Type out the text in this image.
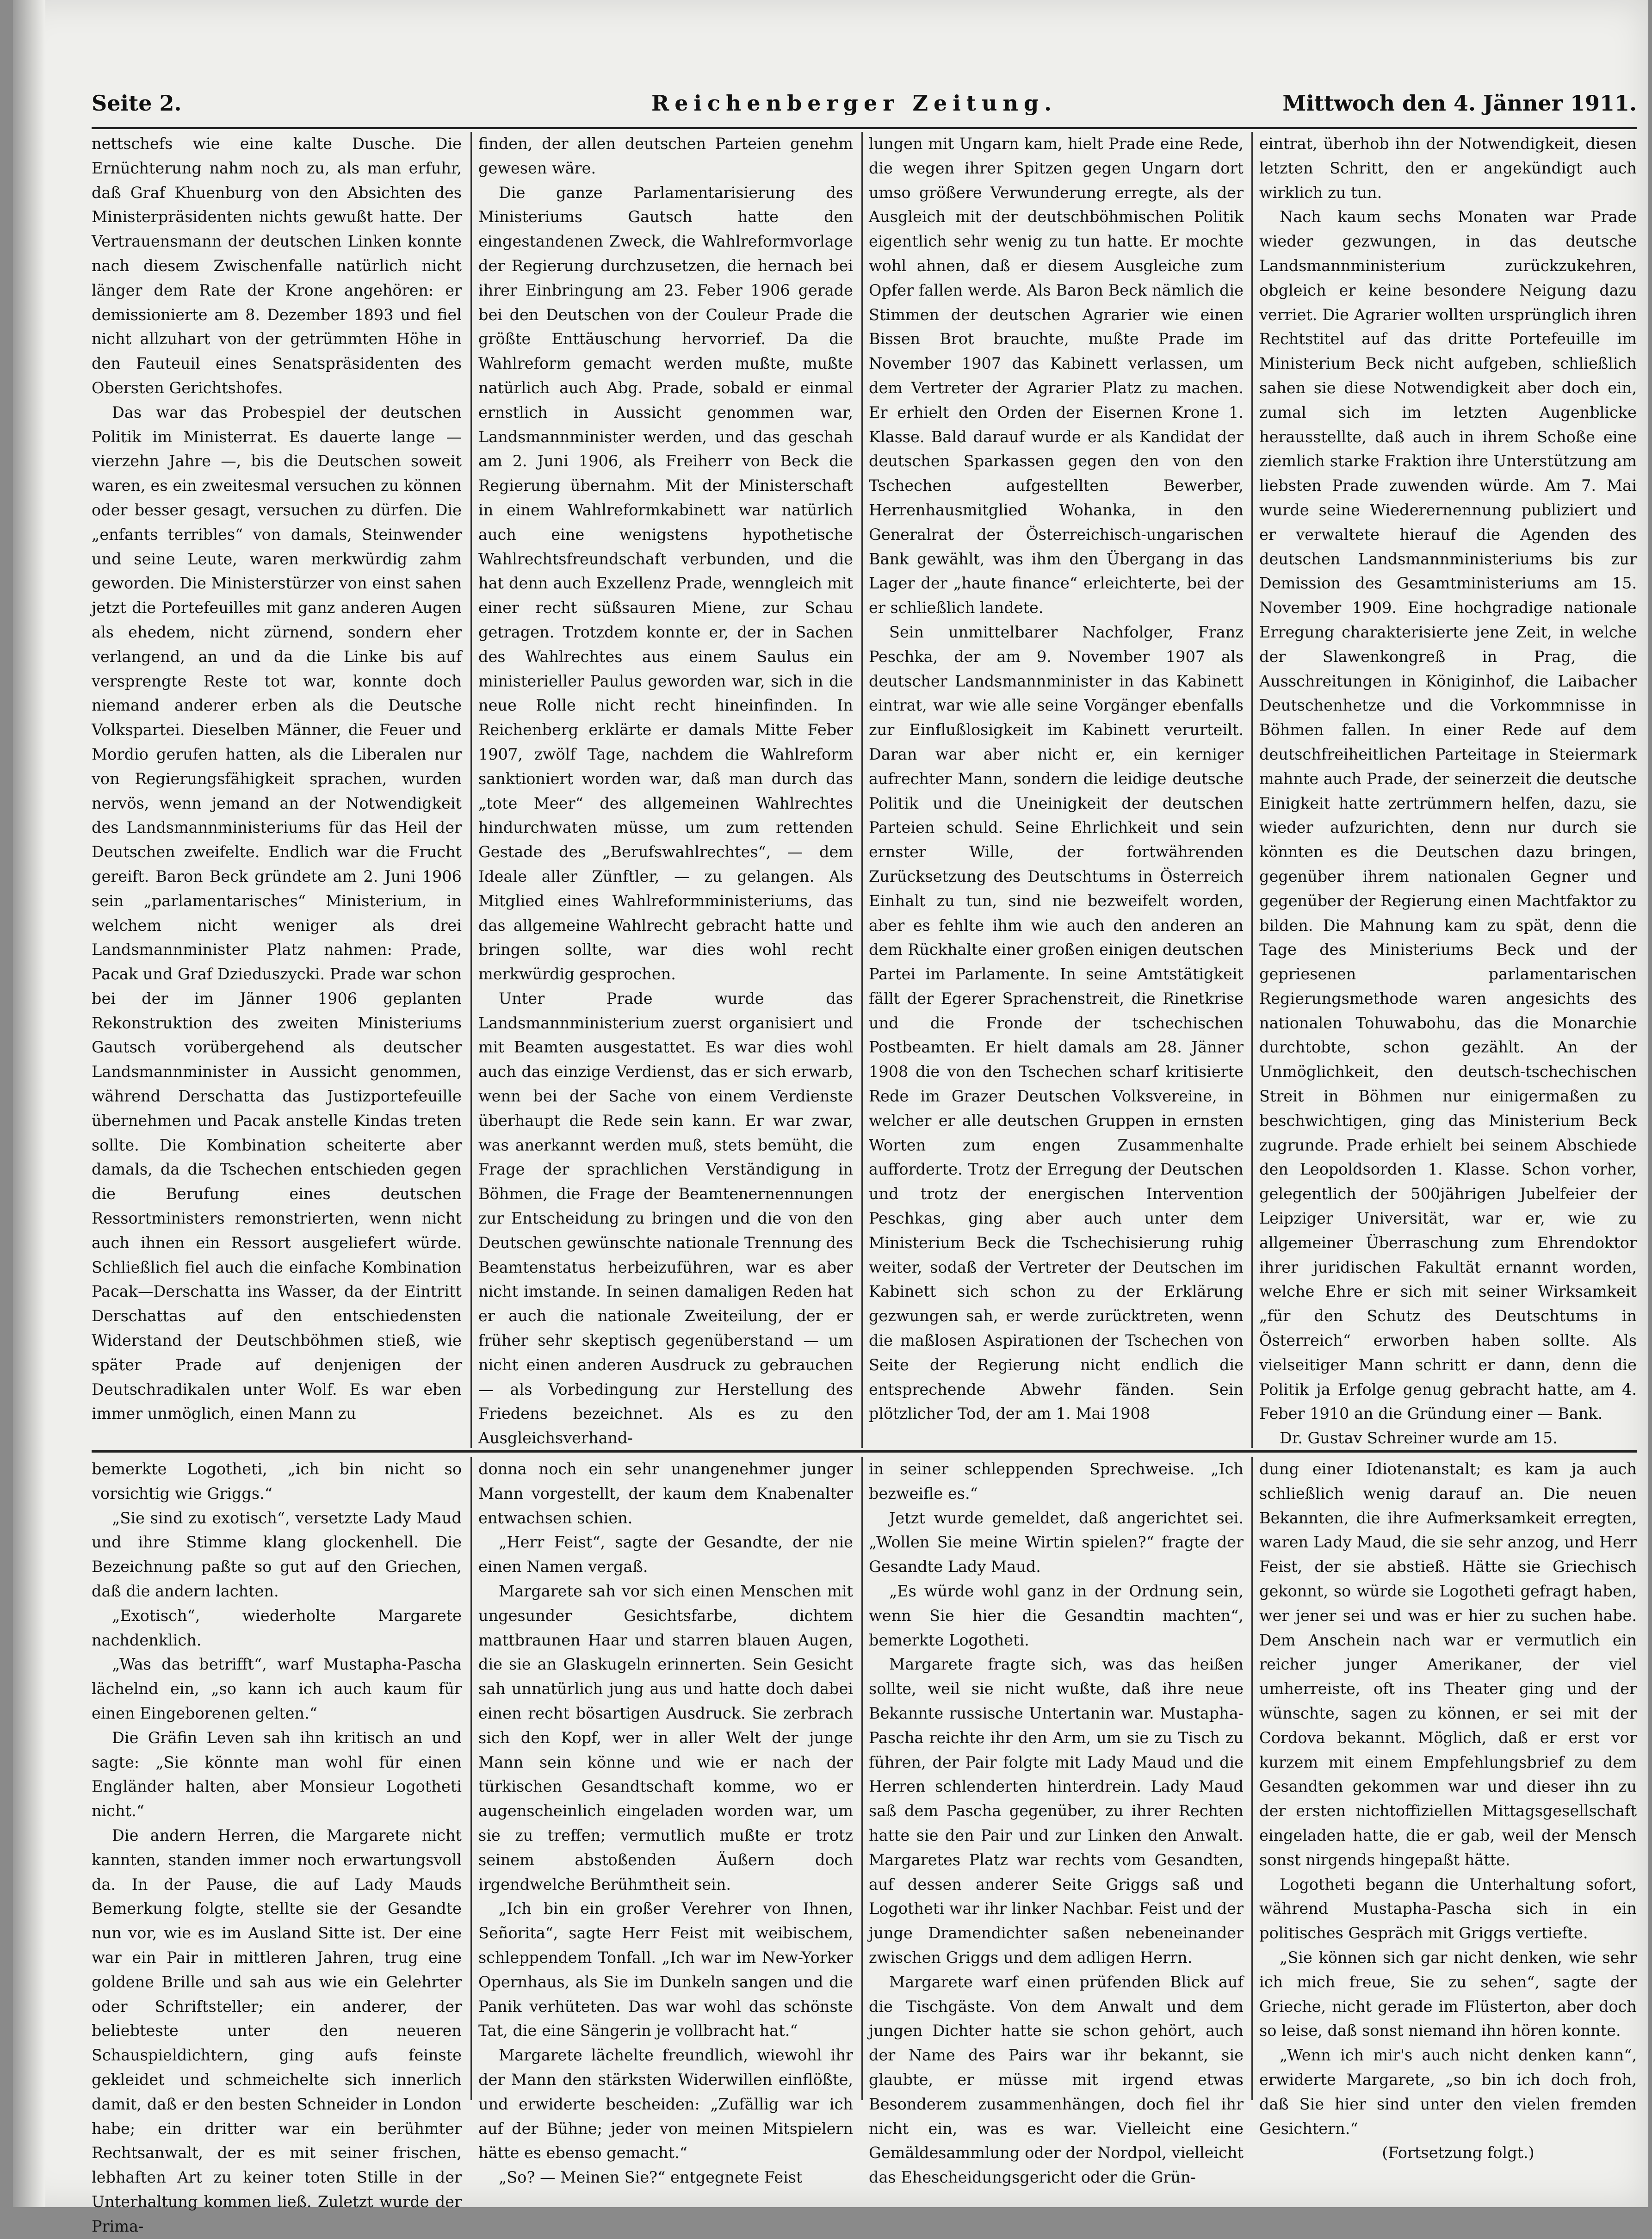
Seite 2.	Reichenberger Zeitung.	Mittwoch den 4. Jänner 1911.

nettschefs wie eine kalte Dusche. Die Ernüchterung nahm noch zu, als man erfuhr, daß Graf Khuenburg von den Absichten des Ministerpräsidenten nichts gewußt hatte. Der Vertrauensmann der deutschen Linken konnte nach diesem Zwischenfalle natürlich nicht länger dem Rate der Krone angehören: er demissionierte am 8. Dezember 1893 und fiel nicht allzuhart von der getrümmten Höhe in den Fauteuil eines Senatspräsidenten des Obersten Gerichtshofes.

Das war das Probespiel der deutschen Politik im Ministerrat. Es dauerte lange — vierzehn Jahre —, bis die Deutschen soweit waren, es ein zweitesmal versuchen zu können oder besser gesagt, versuchen zu dürfen. Die „enfants terribles“ von damals, Steinwender und seine Leute, waren merkwürdig zahm geworden. Die Ministerstürzer von einst sahen jetzt die Portefeuilles mit ganz anderen Augen als ehedem, nicht zürnend, sondern eher verlangend, an und da die Linke bis auf versprengte Reste tot war, konnte doch niemand anderer erben als die Deutsche Volkspartei. Dieselben Männer, die Feuer und Mordio gerufen hatten, als die Liberalen nur von Regierungsfähigkeit sprachen, wurden nervös, wenn jemand an der Notwendigkeit des Landsmannministeriums für das Heil der Deutschen zweifelte. Endlich war die Frucht gereift. Baron Beck gründete am 2. Juni 1906 sein „parlamentarisches“ Ministerium, in welchem nicht weniger als drei Landsmannminister Platz nahmen: Prade, Pacak und Graf Dzieduszycki. Prade war schon bei der im Jänner 1906 geplanten Rekonstruktion des zweiten Ministeriums Gautsch vorübergehend als deutscher Landsmannminister in Aussicht genommen, während Derschatta das Justizportefeuille übernehmen und Pacak anstelle Kindas treten sollte. Die Kombination scheiterte aber damals, da die Tschechen entschieden gegen die Berufung eines deutschen Ressortministers remonstrierten, wenn nicht auch ihnen ein Ressort ausgeliefert würde. Schließlich fiel auch die einfache Kombination Pacak—Derschatta ins Wasser, da der Eintritt Derschattas auf den entschiedensten Widerstand der Deutschböhmen stieß, wie später Prade auf denjenigen der Deutschradikalen unter Wolf. Es war eben immer unmöglich, einen Mann zu

finden, der allen deutschen Parteien genehm gewesen wäre.

Die ganze Parlamentarisierung des Ministeriums Gautsch hatte den eingestandenen Zweck, die Wahlreformvorlage der Regierung durchzusetzen, die hernach bei ihrer Einbringung am 23. Feber 1906 gerade bei den Deutschen von der Couleur Prade die größte Enttäuschung hervorrief. Da die Wahlreform gemacht werden mußte, mußte natürlich auch Abg. Prade, sobald er einmal ernstlich in Aussicht genommen war, Landsmannminister werden, und das geschah am 2. Juni 1906, als Freiherr von Beck die Regierung übernahm. Mit der Ministerschaft in einem Wahlreformkabinett war natürlich auch eine wenigstens hypothetische Wahlrechtsfreundschaft verbunden, und die hat denn auch Exzellenz Prade, wenngleich mit einer recht süßsauren Miene, zur Schau getragen. Trotzdem konnte er, der in Sachen des Wahlrechtes aus einem Saulus ein ministerieller Paulus geworden war, sich in die neue Rolle nicht recht hineinfinden. In Reichenberg erklärte er damals Mitte Feber 1907, zwölf Tage, nachdem die Wahlreform sanktioniert worden war, daß man durch das „tote Meer“ des allgemeinen Wahlrechtes hindurchwaten müsse, um zum rettenden Gestade des „Berufswahlrechtes“, — dem Ideale aller Zünftler, — zu gelangen. Als Mitglied eines Wahlreformministeriums, das das allgemeine Wahlrecht gebracht hatte und bringen sollte, war dies wohl recht merkwürdig gesprochen.

Unter Prade wurde das Landsmannministerium zuerst organisiert und mit Beamten ausgestattet. Es war dies wohl auch das einzige Verdienst, das er sich erwarb, wenn bei der Sache von einem Verdienste überhaupt die Rede sein kann. Er war zwar, was anerkannt werden muß, stets bemüht, die Frage der sprachlichen Verständigung in Böhmen, die Frage der Beamtenernennungen zur Entscheidung zu bringen und die von den Deutschen gewünschte nationale Trennung des Beamtenstatus herbeizuführen, war es aber nicht imstande. In seinen damaligen Reden hat er auch die nationale Zweiteilung, der er früher sehr skeptisch gegenüberstand — um nicht einen anderen Ausdruck zu gebrauchen — als Vorbedingung zur Herstellung des Friedens bezeichnet. Als es zu den Ausgleichsverhand-

lungen mit Ungarn kam, hielt Prade eine Rede, die wegen ihrer Spitzen gegen Ungarn dort umso größere Verwunderung erregte, als der Ausgleich mit der deutschböhmischen Politik eigentlich sehr wenig zu tun hatte. Er mochte wohl ahnen, daß er diesem Ausgleiche zum Opfer fallen werde. Als Baron Beck nämlich die Stimmen der deutschen Agrarier wie einen Bissen Brot brauchte, mußte Prade im November 1907 das Kabinett verlassen, um dem Vertreter der Agrarier Platz zu machen. Er erhielt den Orden der Eisernen Krone 1. Klasse. Bald darauf wurde er als Kandidat der deutschen Sparkassen gegen den von den Tschechen aufgestellten Bewerber, Herrenhausmitglied Wohanka, in den Generalrat der Österreichisch-ungarischen Bank gewählt, was ihm den Übergang in das Lager der „haute finance“ erleichterte, bei der er schließlich landete.

Sein unmittelbarer Nachfolger, Franz Peschka, der am 9. November 1907 als deutscher Landsmannminister in das Kabinett eintrat, war wie alle seine Vorgänger ebenfalls zur Einflußlosigkeit im Kabinett verurteilt. Daran war aber nicht er, ein kerniger aufrechter Mann, sondern die leidige deutsche Politik und die Uneinigkeit der deutschen Parteien schuld. Seine Ehrlichkeit und sein ernster Wille, der fortwährenden Zurücksetzung des Deutschtums in Österreich Einhalt zu tun, sind nie bezweifelt worden, aber es fehlte ihm wie auch den anderen an dem Rückhalte einer großen einigen deutschen Partei im Parlamente. In seine Amtstätigkeit fällt der Egerer Sprachenstreit, die Rinetkrise und die Fronde der tschechischen Postbeamten. Er hielt damals am 28. Jänner 1908 die von den Tschechen scharf kritisierte Rede im Grazer Deutschen Volksvereine, in welcher er alle deutschen Gruppen in ernsten Worten zum engen Zusammenhalte aufforderte. Trotz der Erregung der Deutschen und trotz der energischen Intervention Peschkas, ging aber auch unter dem Ministerium Beck die Tschechisierung ruhig weiter, sodaß der Vertreter der Deutschen im Kabinett sich schon zu der Erklärung gezwungen sah, er werde zurücktreten, wenn die maßlosen Aspirationen der Tschechen von Seite der Regierung nicht endlich die entsprechende Abwehr fänden. Sein plötzlicher Tod, der am 1. Mai 1908

eintrat, überhob ihn der Notwendigkeit, diesen letzten Schritt, den er angekündigt auch wirklich zu tun.

Nach kaum sechs Monaten war Prade wieder gezwungen, in das deutsche Landsmannministerium zurückzukehren, obgleich er keine besondere Neigung dazu verriet. Die Agrarier wollten ursprünglich ihren Rechtstitel auf das dritte Portefeuille im Ministerium Beck nicht aufgeben, schließlich sahen sie diese Notwendigkeit aber doch ein, zumal sich im letzten Augenblicke herausstellte, daß auch in ihrem Schoße eine ziemlich starke Fraktion ihre Unterstützung am liebsten Prade zuwenden würde. Am 7. Mai wurde seine Wiederernennung publiziert und er verwaltete hierauf die Agenden des deutschen Landsmannministeriums bis zur Demission des Gesamtministeriums am 15. November 1909. Eine hochgradige nationale Erregung charakterisierte jene Zeit, in welche der Slawenkongreß in Prag, die Ausschreitungen in Königinhof, die Laibacher Deutschenhetze und die Vorkommnisse in Böhmen fallen. In einer Rede auf dem deutschfreiheitlichen Parteitage in Steiermark mahnte auch Prade, der seinerzeit die deutsche Einigkeit hatte zertrümmern helfen, dazu, sie wieder aufzurichten, denn nur durch sie könnten es die Deutschen dazu bringen, gegenüber ihrem nationalen Gegner und gegenüber der Regierung einen Machtfaktor zu bilden. Die Mahnung kam zu spät, denn die Tage des Ministeriums Beck und der gepriesenen parlamentarischen Regierungsmethode waren angesichts des nationalen Tohuwabohu, das die Monarchie durchtobte, schon gezählt. An der Unmöglichkeit, den deutsch-tschechischen Streit in Böhmen nur einigermaßen zu beschwichtigen, ging das Ministerium Beck zugrunde. Prade erhielt bei seinem Abschiede den Leopoldsorden 1. Klasse. Schon vorher, gelegentlich der 500jährigen Jubelfeier der Leipziger Universität, war er, wie zu allgemeiner Überraschung zum Ehrendoktor ihrer juridischen Fakultät ernannt worden, welche Ehre er sich mit seiner Wirksamkeit „für den Schutz des Deutschtums in Österreich“ erworben haben sollte. Als vielseitiger Mann schritt er dann, denn die Politik ja Erfolge genug gebracht hatte, am 4. Feber 1910 an die Gründung einer — Bank.

Dr. Gustav Schreiner wurde am 15.

bemerkte Logotheti, „ich bin nicht so vorsichtig wie Griggs.“

„Sie sind zu exotisch“, versetzte Lady Maud und ihre Stimme klang glockenhell. Die Bezeichnung paßte so gut auf den Griechen, daß die andern lachten.

„Exotisch“, wiederholte Margarete nachdenklich.

„Was das betrifft“, warf Mustapha-Pascha lächelnd ein, „so kann ich auch kaum für einen Eingeborenen gelten.“

Die Gräfin Leven sah ihn kritisch an und sagte: „Sie könnte man wohl für einen Engländer halten, aber Monsieur Logotheti nicht.“

Die andern Herren, die Margarete nicht kannten, standen immer noch erwartungsvoll da. In der Pause, die auf Lady Mauds Bemerkung folgte, stellte sie der Gesandte nun vor, wie es im Ausland Sitte ist. Der eine war ein Pair in mittleren Jahren, trug eine goldene Brille und sah aus wie ein Gelehrter oder Schriftsteller; ein anderer, der beliebteste unter den neueren Schauspieldichtern, ging aufs feinste gekleidet und schmeichelte sich innerlich damit, daß er den besten Schneider in London habe; ein dritter war ein berühmter Rechtsanwalt, der es mit seiner frischen, lebhaften Art zu keiner toten Stille in der Unterhaltung kommen ließ. Zuletzt wurde der Prima-

donna noch ein sehr unangenehmer junger Mann vorgestellt, der kaum dem Knabenalter entwachsen schien.

„Herr Feist“, sagte der Gesandte, der nie einen Namen vergaß.

Margarete sah vor sich einen Menschen mit ungesunder Gesichtsfarbe, dichtem mattbraunen Haar und starren blauen Augen, die sie an Glaskugeln erinnerten. Sein Gesicht sah unnatürlich jung aus und hatte doch dabei einen recht bösartigen Ausdruck. Sie zerbrach sich den Kopf, wer in aller Welt der junge Mann sein könne und wie er nach der türkischen Gesandtschaft komme, wo er augenscheinlich eingeladen worden war, um sie zu treffen; vermutlich mußte er trotz seinem abstoßenden Äußern doch irgendwelche Berühmtheit sein.

„Ich bin ein großer Verehrer von Ihnen, Señorita“, sagte Herr Feist mit weibischem, schleppendem Tonfall. „Ich war im New-Yorker Opernhaus, als Sie im Dunkeln sangen und die Panik verhüteten. Das war wohl das schönste Tat, die eine Sängerin je vollbracht hat.“

Margarete lächelte freundlich, wiewohl ihr der Mann den stärksten Widerwillen einflößte, und erwiderte bescheiden: „Zufällig war ich auf der Bühne; jeder von meinen Mitspielern hätte es ebenso gemacht.“

„So? — Meinen Sie?“ entgegnete Feist

in seiner schleppenden Sprechweise. „Ich bezweifle es.“

Jetzt wurde gemeldet, daß angerichtet sei. „Wollen Sie meine Wirtin spielen?“ fragte der Gesandte Lady Maud.

„Es würde wohl ganz in der Ordnung sein, wenn Sie hier die Gesandtin machten“, bemerkte Logotheti.

Margarete fragte sich, was das heißen sollte, weil sie nicht wußte, daß ihre neue Bekannte russische Untertanin war. Mustapha-Pascha reichte ihr den Arm, um sie zu Tisch zu führen, der Pair folgte mit Lady Maud und die Herren schlenderten hinterdrein. Lady Maud saß dem Pascha gegenüber, zu ihrer Rechten hatte sie den Pair und zur Linken den Anwalt. Margaretes Platz war rechts vom Gesandten, auf dessen anderer Seite Griggs saß und Logotheti war ihr linker Nachbar. Feist und der junge Dramendichter saßen nebeneinander zwischen Griggs und dem adligen Herrn.

Margarete warf einen prüfenden Blick auf die Tischgäste. Von dem Anwalt und dem jungen Dichter hatte sie schon gehört, auch der Name des Pairs war ihr bekannt, sie glaubte, er müsse mit irgend etwas Besonderem zusammenhängen, doch fiel ihr nicht ein, was es war. Vielleicht eine Gemäldesammlung oder der Nordpol, vielleicht das Ehescheidungsgericht oder die Grün-

dung einer Idiotenanstalt; es kam ja auch schließlich wenig darauf an. Die neuen Bekannten, die ihre Aufmerksamkeit erregten, waren Lady Maud, die sie sehr anzog, und Herr Feist, der sie abstieß. Hätte sie Griechisch gekonnt, so würde sie Logotheti gefragt haben, wer jener sei und was er hier zu suchen habe. Dem Anschein nach war er vermutlich ein reicher junger Amerikaner, der viel umherreiste, oft ins Theater ging und der wünschte, sagen zu können, er sei mit der Cordova bekannt. Möglich, daß er erst vor kurzem mit einem Empfehlungsbrief zu dem Gesandten gekommen war und dieser ihn zu der ersten nichtoffiziellen Mittagsgesellschaft eingeladen hatte, die er gab, weil der Mensch sonst nirgends hingepaßt hätte.

Logotheti begann die Unterhaltung sofort, während Mustapha-Pascha sich in ein politisches Gespräch mit Griggs vertiefte.

„Sie können sich gar nicht denken, wie sehr ich mich freue, Sie zu sehen“, sagte der Grieche, nicht gerade im Flüsterton, aber doch so leise, daß sonst niemand ihn hören konnte.

„Wenn ich mir's auch nicht denken kann“, erwiderte Margarete, „so bin ich doch froh, daß Sie hier sind unter den vielen fremden Gesichtern.“

(Fortsetzung folgt.)
